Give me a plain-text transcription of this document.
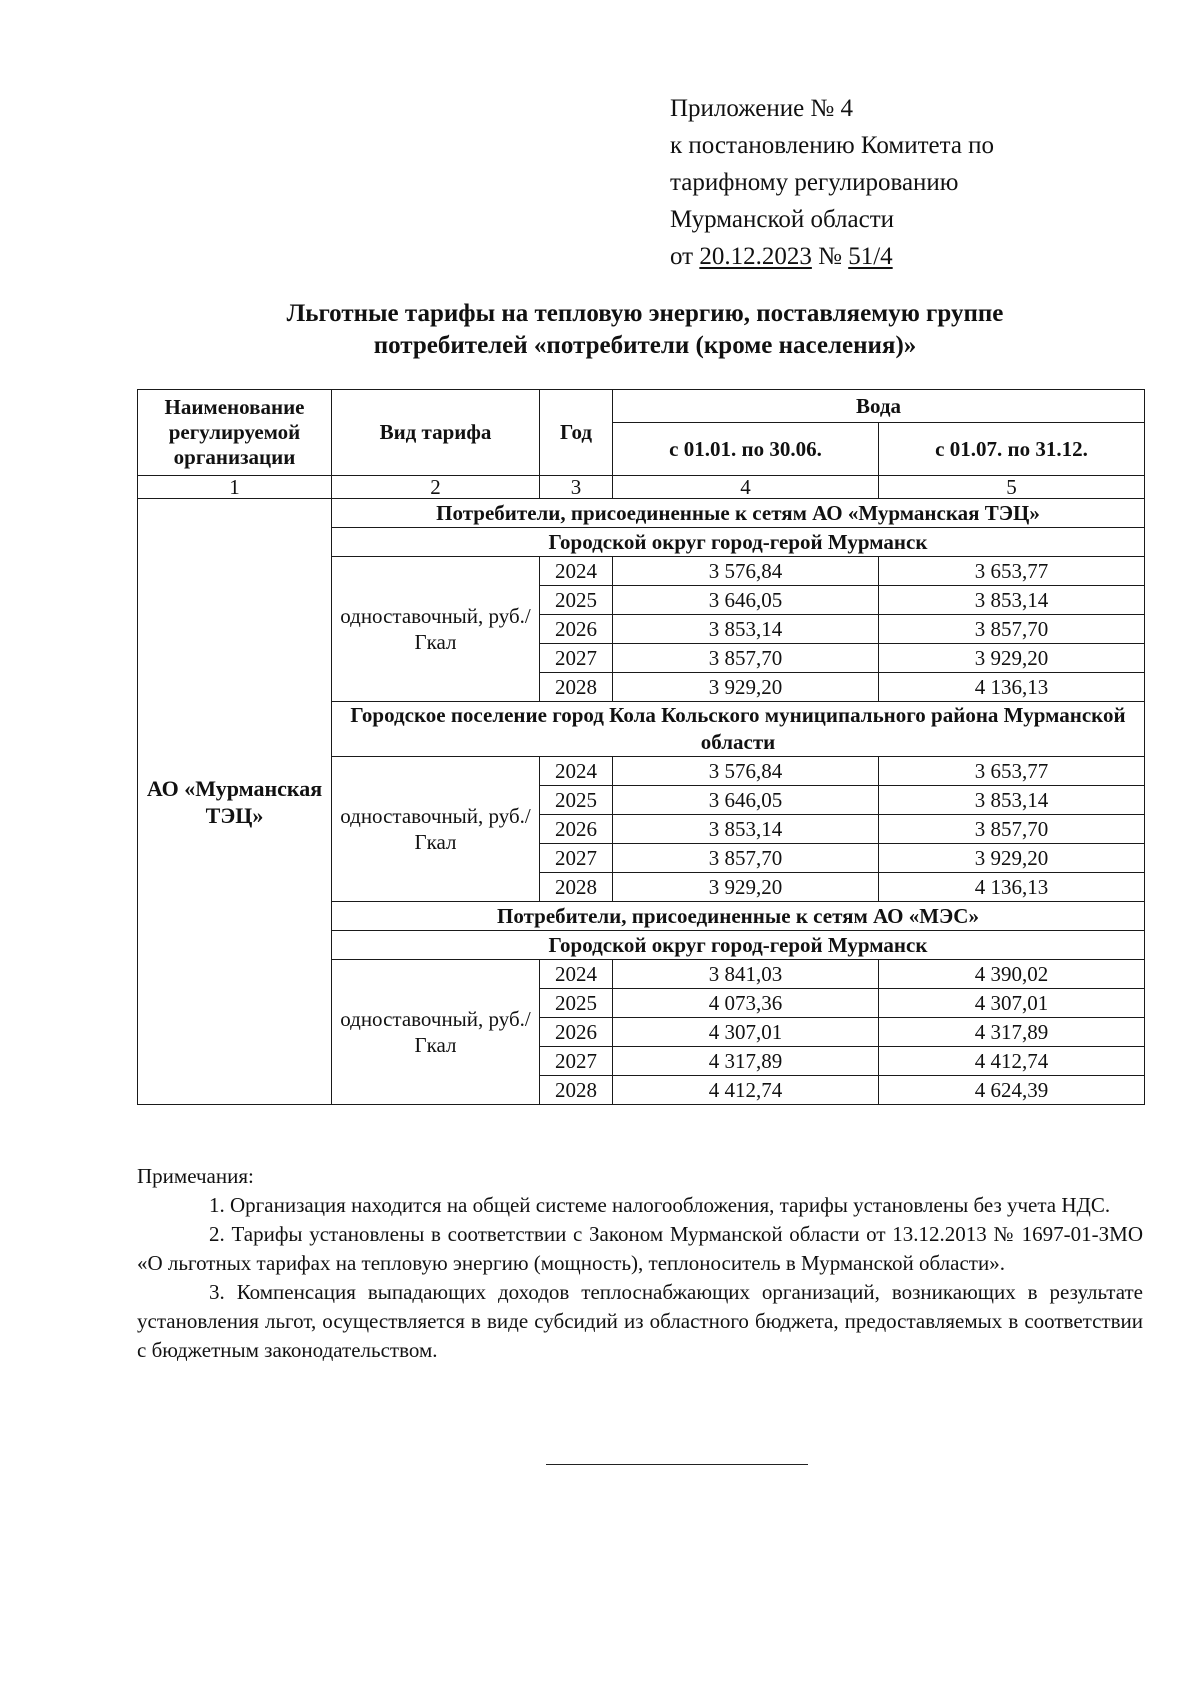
Приложение № 4
к постановлению Комитета по
тарифному регулированию
Мурманской области
от 20.12.2023 № 51/4
Льготные тарифы на тепловую энергию, поставляемую группе
потребителей «потребители (кроме населения)»
Наименование регулируемой организации	Вид тарифа	Год	Вода	
			с 01.01. по 30.06.	с 01.07. по 31.12.
1	2	3	4	5
АО «Мурманская ТЭЦ»	Потребители, присоединенные к сетям АО «Мурманская ТЭЦ»			
	Городской округ город-герой Мурманск			
	одноставочный, руб./Гкал	2024	3 576,84	3 653,77
		2025	3 646,05	3 853,14
		2026	3 853,14	3 857,70
		2027	3 857,70	3 929,20
		2028	3 929,20	4 136,13
	Городское поселение город Кола Кольского муниципального района Мурманской области			
	одноставочный, руб./Гкал	2024	3 576,84	3 653,77
		2025	3 646,05	3 853,14
		2026	3 853,14	3 857,70
		2027	3 857,70	3 929,20
		2028	3 929,20	4 136,13
	Потребители, присоединенные к сетям АО «МЭС»			
	Городской округ город-герой Мурманск			
	одноставочный, руб./Гкал	2024	3 841,03	4 390,02
		2025	4 073,36	4 307,01
		2026	4 307,01	4 317,89
		2027	4 317,89	4 412,74
		2028	4 412,74	4 624,39

Примечания:

1. Организация находится на общей системе налогообложения, тарифы установлены без учета НДС.

2. Тарифы установлены в соответствии с Законом Мурманской области от 13.12.2013 № 1697-01-ЗМО «О льготных тарифах на тепловую энергию (мощность), теплоноситель в Мурманской области».

3. Компенсация выпадающих доходов теплоснабжающих организаций, возникающих в результате установления льгот, осуществляется в виде субсидий из областного бюджета, предоставляемых в соответствии с бюджетным законодательством.
